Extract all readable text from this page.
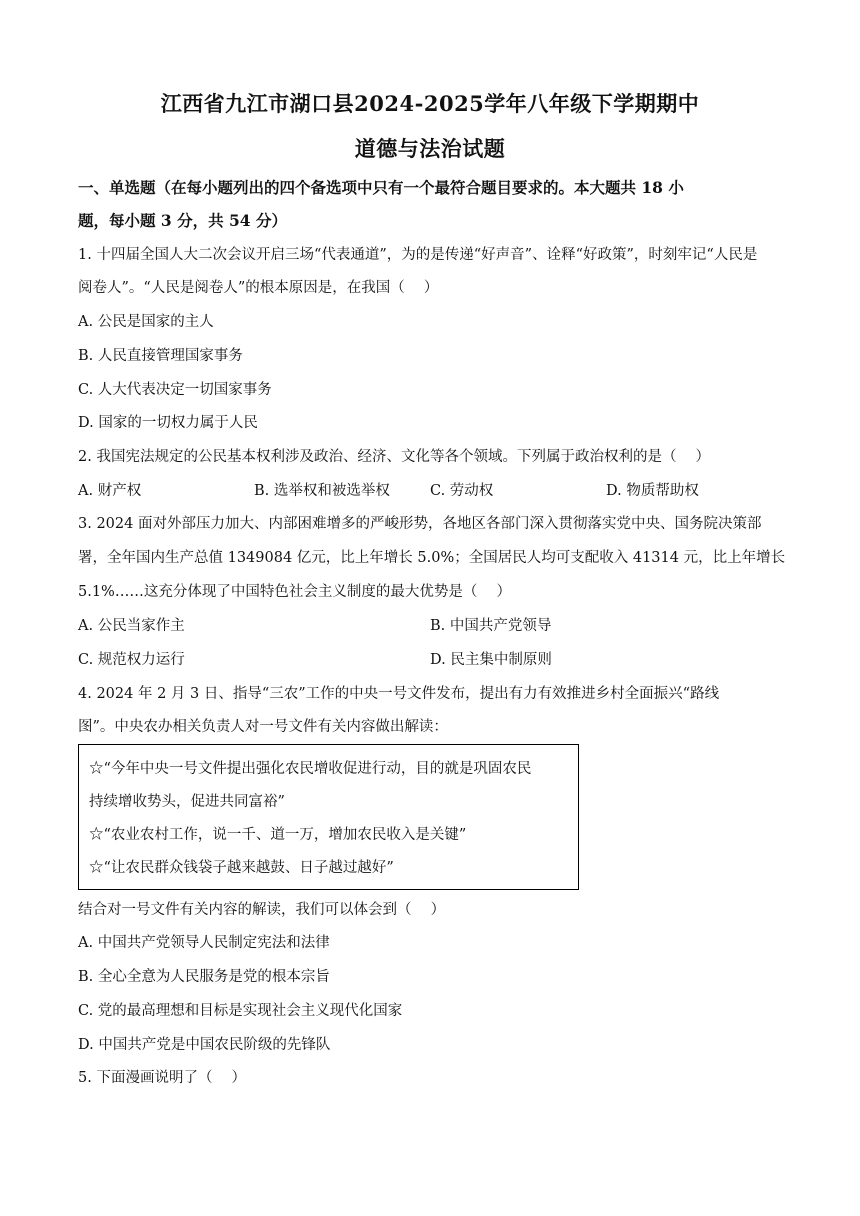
江西省九江市湖口县2024-2025学年八年级下学期期中
道德与法治试题
一、单选题（在每小题列出的四个备选项中只有一个最符合题目要求的。本大题共 18 小
题，每小题 3 分，共 54 分）
1. 十四届全国人大二次会议开启三场“代表通道”，为的是传递“好声音”、诠释“好政策”，时刻牢记“人民是
阅卷人”。“人民是阅卷人”的根本原因是，在我国（　 ）
A. 公民是国家的主人
B. 人民直接管理国家事务
C. 人大代表决定一切国家事务
D. 国家的一切权力属于人民
2. 我国宪法规定的公民基本权利涉及政治、经济、文化等各个领域。下列属于政治权利的是（　 ）
A. 财产权	B. 选举权和被选举权	C. 劳动权	D. 物质帮助权
3. 2024 面对外部压力加大、内部困难增多的严峻形势，各地区各部门深入贯彻落实党中央、国务院决策部
署，全年国内生产总值 1349084 亿元，比上年增长 5.0%；全国居民人均可支配收入 41314 元，比上年增长
5.1%……这充分体现了中国特色社会主义制度的最大优势是（　 ）
A. 公民当家作主	B. 中国共产党领导
C. 规范权力运行	D. 民主集中制原则
4. 2024 年 2 月 3 日、指导“三农”工作的中央一号文件发布，提出有力有效推进乡村全面振兴“路线
图”。中央农办相关负责人对一号文件有关内容做出解读：
☆“今年中央一号文件提出强化农民增收促进行动，目的就是巩固农民
持续增收势头，促进共同富裕”
☆“农业农村工作，说一千、道一万，增加农民收入是关键”
☆“让农民群众钱袋子越来越鼓、日子越过越好”
结合对一号文件有关内容的解读，我们可以体会到（　 ）
A. 中国共产党领导人民制定宪法和法律
B. 全心全意为人民服务是党的根本宗旨
C. 党的最高理想和目标是实现社会主义现代化国家
D. 中国共产党是中国农民阶级的先锋队
5. 下面漫画说明了（　 ）
